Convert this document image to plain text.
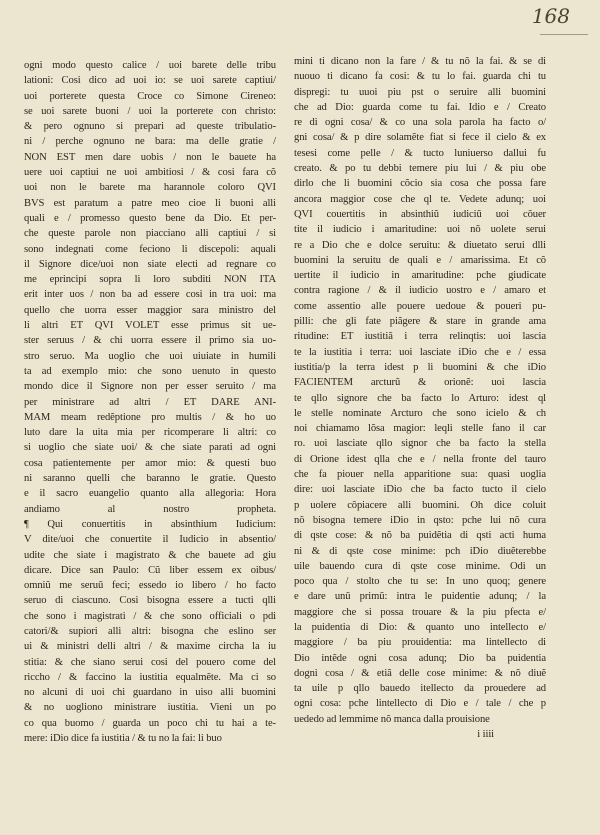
168
ogni modo questo calice / uoi barete delle tribu
lationi: Cosi dico ad uoi io: se uoi sarete captiui/
uoi porterete questa Croce co Simone Cireneo:
se uoi sarete buoni / uoi la porterete con christo:
& pero ognuno si prepari ad queste tribulatio-
ni / perche ognuno ne bara: ma delle gratie /
NON EST men dare uobis / non le bauete ha
uere uoi captiui ne uoi ambitiosi / & cosi fara cõ
uoi non le barete ma harannole coloro QVI
BVS est paratum a patre meo cioe li buoni alli
quali e / promesso questo bene da Dio. Et per-
che queste parole non piacciano alli captiui / si
sono indegnati come feciono li discepoli: aquali
il Signore dice/uoi non siate electi ad regnare co
me eprincipi sopra li loro subditi NON ITA
erit inter uos / non ba ad essere cosi in tra uoi: ma
quello che uorra esser maggior sara ministro del
li altri ET QVI VOLET esse primus sit ue-
ster seruus / & chi uorra essere il primo sia uo-
stro seruo. Ma uoglio che uoi uiuiate in humili
ta ad exemplo mio: che sono uenuto in questo
mondo dice il Signore non per esser seruito / ma
per ministrare ad altri / ET DARE ANI-
MAM meam redẽptione pro multis / & ho uo
luto dare la uita mia per ricomperare li altri: co
si uoglio che siate uoi/ & che siate parati ad ogni
cosa patientemente per amor mio: & questi buo
ni saranno quelli che baranno le gratie. Questo
e il sacro euangelio quanto alla allegoria: Hora
andiamo al nostro propheta.
¶ Qui conuertitis in absinthium Iudicium:
V dite/uoi che conuertite il Iudicio in absentio/
udite che siate i magistrato & che bauete ad giu
dicare. Dice san Paulo: Cũ liber essem ex oibus/
omniũ me seruũ feci; essedo io libero / ho facto
seruo di ciascuno. Cosi bisogna essere a tucti qlli
che sono i magistrati / & che sono officiali o pdi
catori/& supiori alli altri: bisogna che eslino ser
ui & ministri delli altri / & maxime circha la iu
stitia: & che siano serui cosi del pouero come del
riccho / & faccino la iustitia equalmẽte. Ma ci so
no alcuni di uoi chi guardano in uiso alli buomini
& no uogliono ministrare iustitia. Vieni un po
co qua buomo / guarda un poco chi tu hai a te-
mere: iDio dice fa iustitia / & tu no la fai: li buo
mini ti dicano non la fare / & tu nõ la fai. & se di
nuouo ti dicano fa cosi: & tu lo fai. guarda chi tu
dispregi: tu uuoi piu pst o seruire alli buomini
che ad Dio: guarda come tu fai. Idio e / Creato
re di ogni cosa/ & co una sola parola ha facto o/
gni cosa/ & p dire solamẽte fiat si fece il cielo & ex
tesesi come pelle / & tucto luniuerso dallui fu
creato. & po tu debbi temere piu lui / & piu obe
dirlo che li buomini cõcio sia cosa che possa fare
ancora maggior cose che ql te. Vedete adunq; uoi
QVI couertitis in absinthiũ iudiciũ uoi cõuer
tite il iudicio i amaritudine: uoi nõ uolete serui
re a Dio che e dolce seruitu: & diuetato serui dlli
buomini la seruitu de quali e / amarissima. Et cõ
uertite il iudicio in amaritudine: pche giudicate
contra ragione / & il iudicio uostro e / amaro et
come assentio alle pouere uedoue & poueri pu-
pilli: che gli fate piãgere & stare in grande ama
ritudine: ET iustitiã i terra relinqtis: uoi lascia
te la iustitia i terra: uoi lasciate iDio che e / essa
iustitia/p la terra idest p li buomini & che iDio
FACIENTEM arcturũ & orionẽ: uoi lascia
te qllo signore che ba facto lo Arturo: idest ql
le stelle nominate Arcturo che sono icielo & ch
noi chiamamo lõsa magior: leqli stelle fano il car
ro. uoi lasciate qllo signor che ba facto la stella
di Orione idest qlla che e / nella fronte del tauro
che fa piouer nella apparitione sua: quasi uoglia
dire: uoi lasciate iDio che ba facto tucto il cielo
p uolere cõpiacere alli buomini. Oh dice coluit
nõ bisogna temere iDio in qsto: pche lui nõ cura
di qste cose: & nõ ba puidẽtia di qsti acti huma
ni & di qste cose minime: pch iDio diuẽterebbe
uile bauendo cura di qste cose minime. Odi un
poco qua / stolto che tu se: In uno quoq; genere
e dare unũ primũ: intra le puidentie adunq; / la
maggiore che si possa trouare & la piu pfecta e/
la puidentia di Dio: & quanto uno intellecto e/
maggiore / ba piu prouidentia: ma lintellecto di
Dio intẽde ogni cosa adunq; Dio ba puidentia
dogni cosa / & etiã delle cose minime: & nõ diuẽ
ta uile p qllo bauedo itellecto da prouedere ad
ogni cosa: pche lintellecto di Dio e / tale / che p
uededo ad lemmime nõ manca dalla prouisione
i iiii
